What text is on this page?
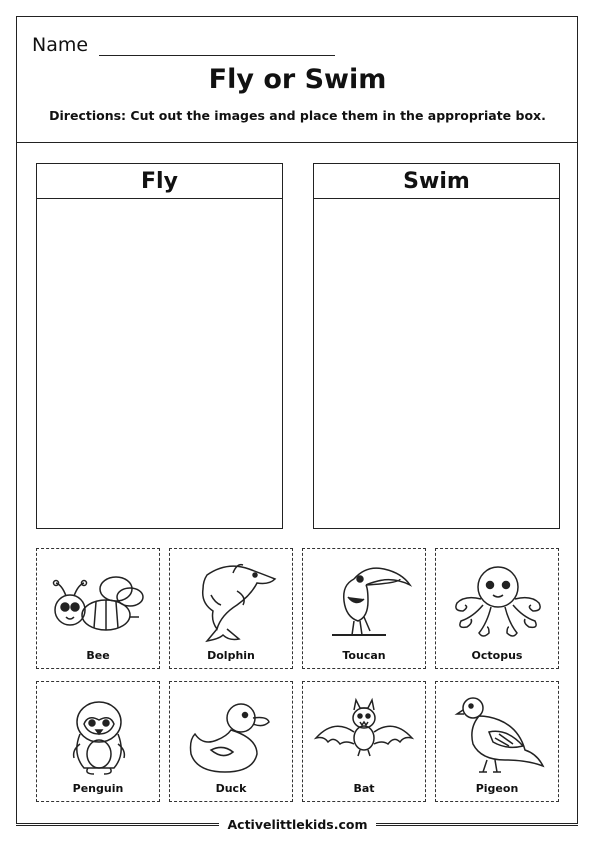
Name
Fly or Swim
Directions: Cut out the images and place them in the appropriate box.
Fly	Swim
Bee	Dolphin	Toucan	Octopus
Penguin	Duck	Bat	Pigeon
Activelittlekids.com
